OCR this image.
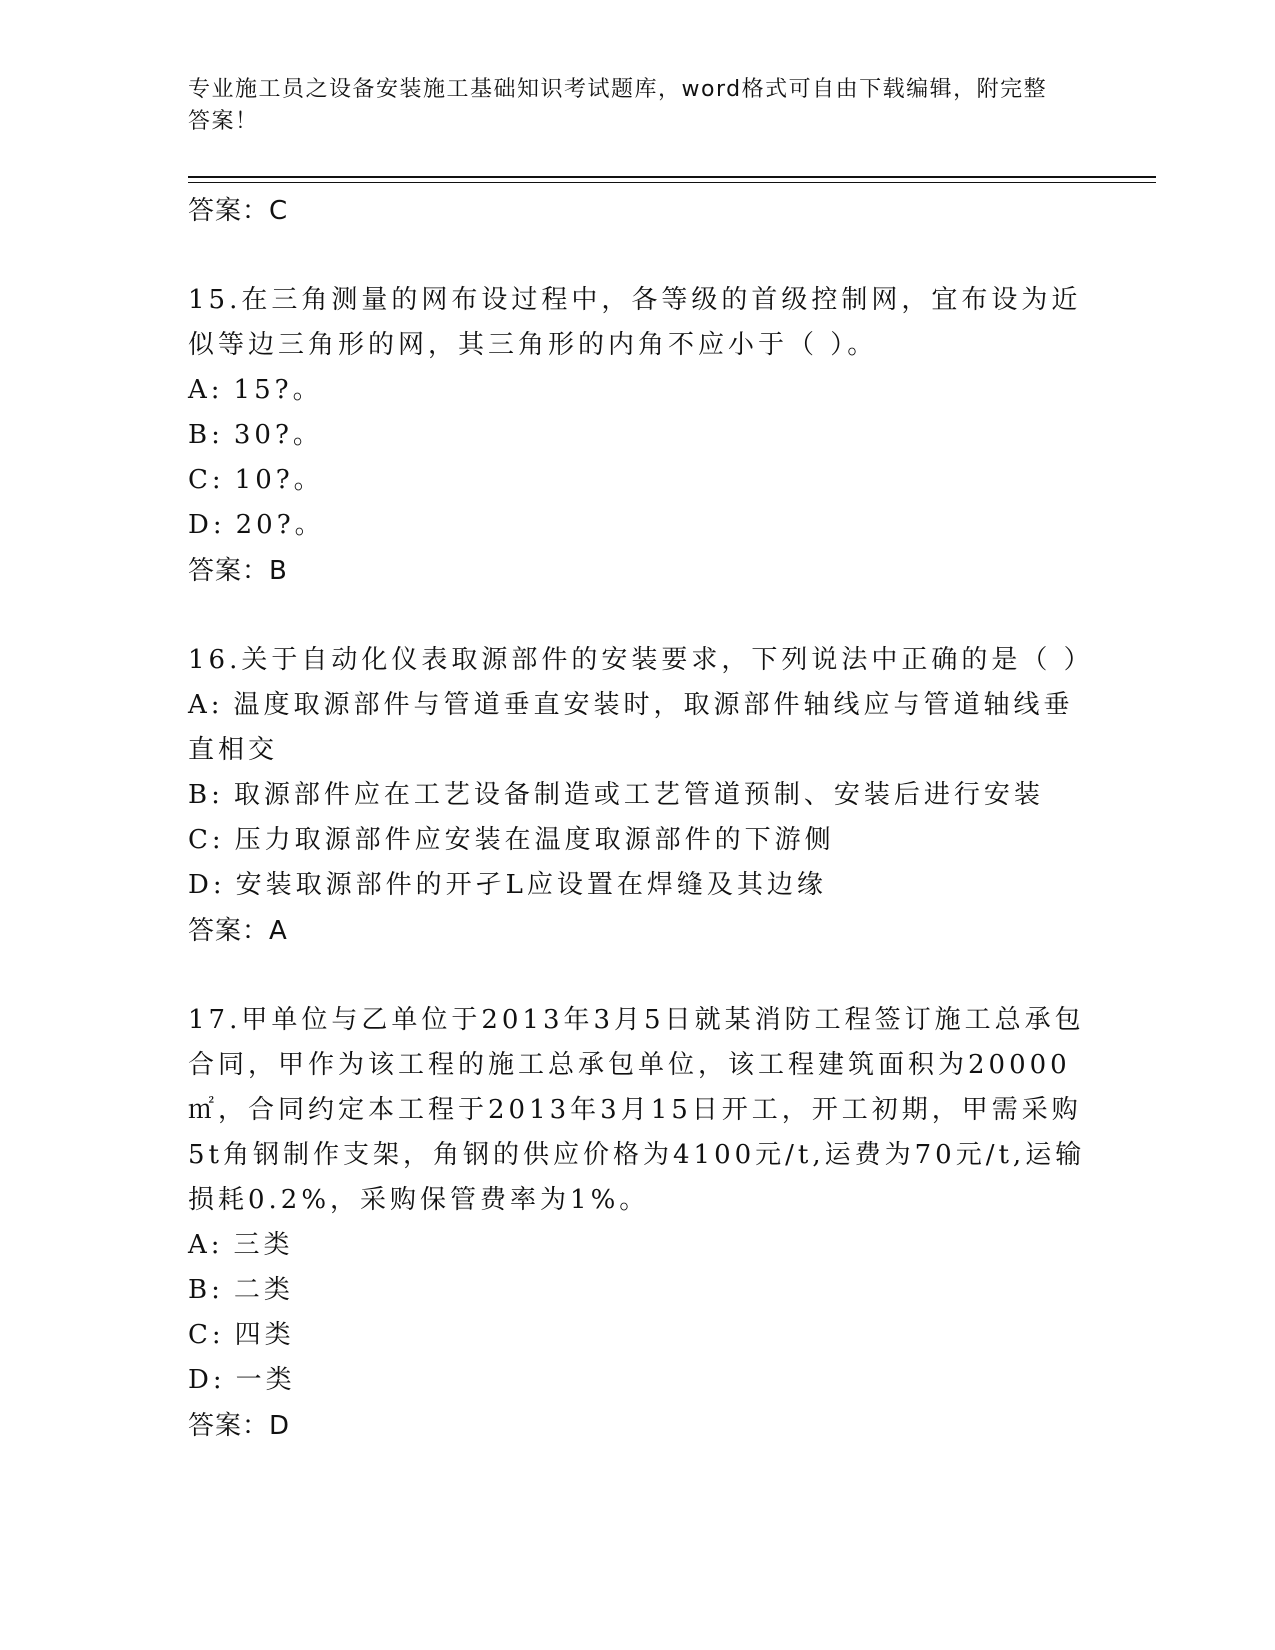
专业施工员之设备安装施工基础知识考试题库，word格式可自由下载编辑，附完整答案！
答案：C
15.在三角测量的网布设过程中，各等级的首级控制网，宜布设为近似等边三角形的网，其三角形的内角不应小于（ ）。
A: 15?。
B: 30?。
C: 10?。
D: 20?。
答案：B
16.关于自动化仪表取源部件的安装要求，下列说法中正确的是（ ）
A: 温度取源部件与管道垂直安装时，取源部件轴线应与管道轴线垂直相交
B: 取源部件应在工艺设备制造或工艺管道预制、安装后进行安装
C: 压力取源部件应安装在温度取源部件的下游侧
D: 安装取源部件的开孑L应设置在焊缝及其边缘
答案：A
17.甲单位与乙单位于2013年3月5日就某消防工程签订施工总承包合同，甲作为该工程的施工总承包单位，该工程建筑面积为20000㎡，合同约定本工程于2013年3月15日开工，开工初期，甲需采购5t角钢制作支架，角钢的供应价格为4100元/t,运费为70元/t,运输损耗0.2%，采购保管费率为1%。
A: 三类
B: 二类
C: 四类
D: 一类
答案：D
